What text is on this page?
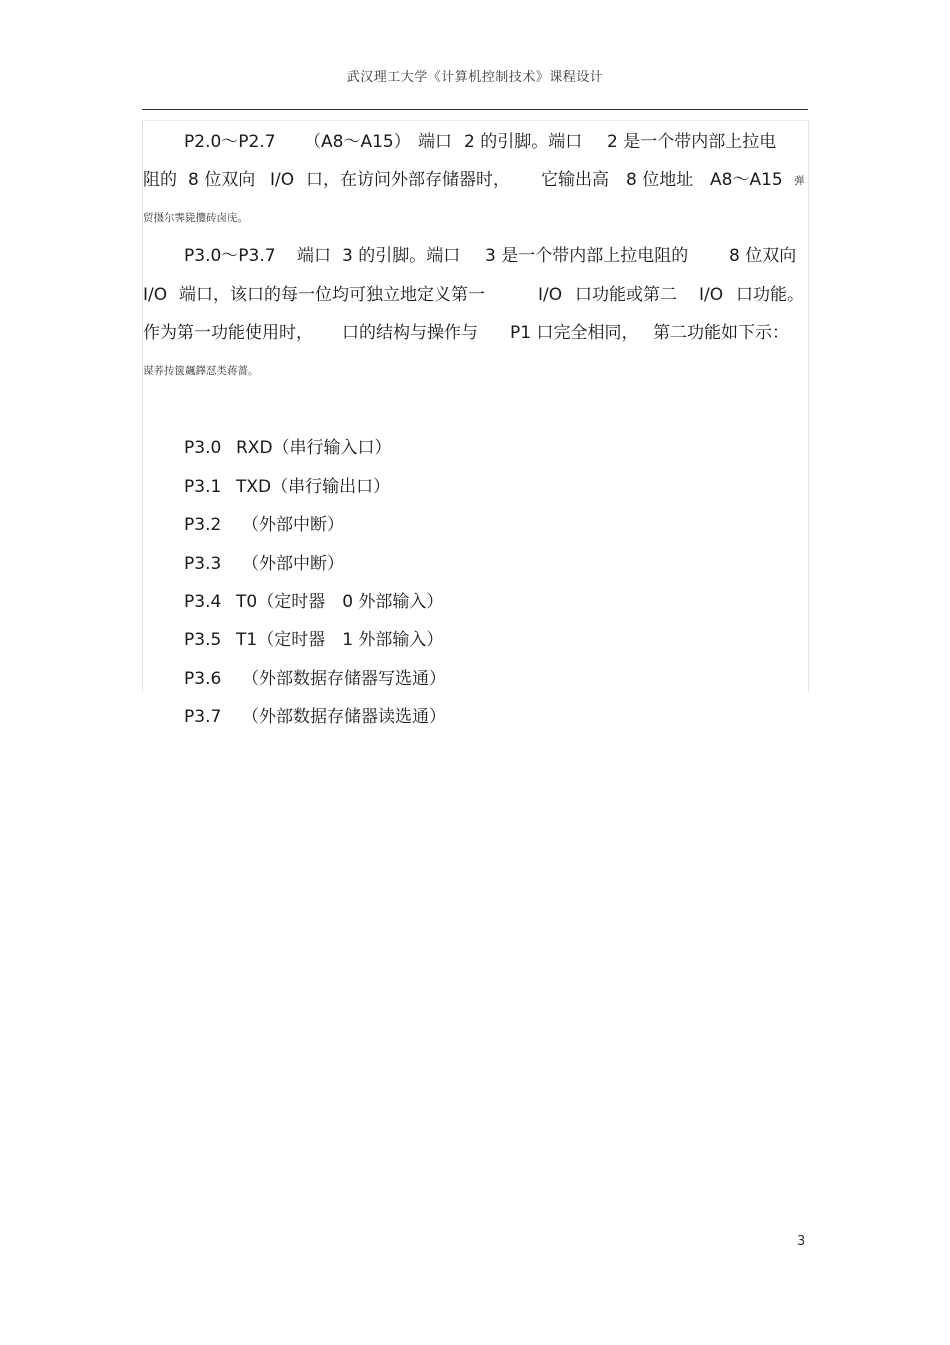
武汉理工大学《计算机控制技术》课程设计
P2.0～P2.7 （A8～A15） 端口 2 的引脚。端口 2 是一个带内部上拉电
阻的 8 位双向 I/O 口，在访问外部存储器时， 它输出高 8 位地址 A8～A15 弹
贸摄尔霁毙攬砖卤庑。
P3.0～P3.7 端口 3 的引脚。端口 3 是一个带内部上拉电阻的 8 位双向
I/O 端口，该口的每一位均可独立地定义第一	I/O 口功能或第二 I/O 口功能。
作为第一功能使用时， 口的结构与操作与 P1 口完全相同， 第二功能如下示：
谋荞抟箧飆鐸怼类蒋薔。
P3.0 RXD（串行输入口）
P3.1 TXD（串行输出口）
P3.2 （外部中断）
P3.3 （外部中断）
P3.4 T0（定时器　0 外部输入）
P3.5 T1（定时器　1 外部输入）
P3.6 （外部数据存储器写选通）
P3.7 （外部数据存储器读选通）
3
